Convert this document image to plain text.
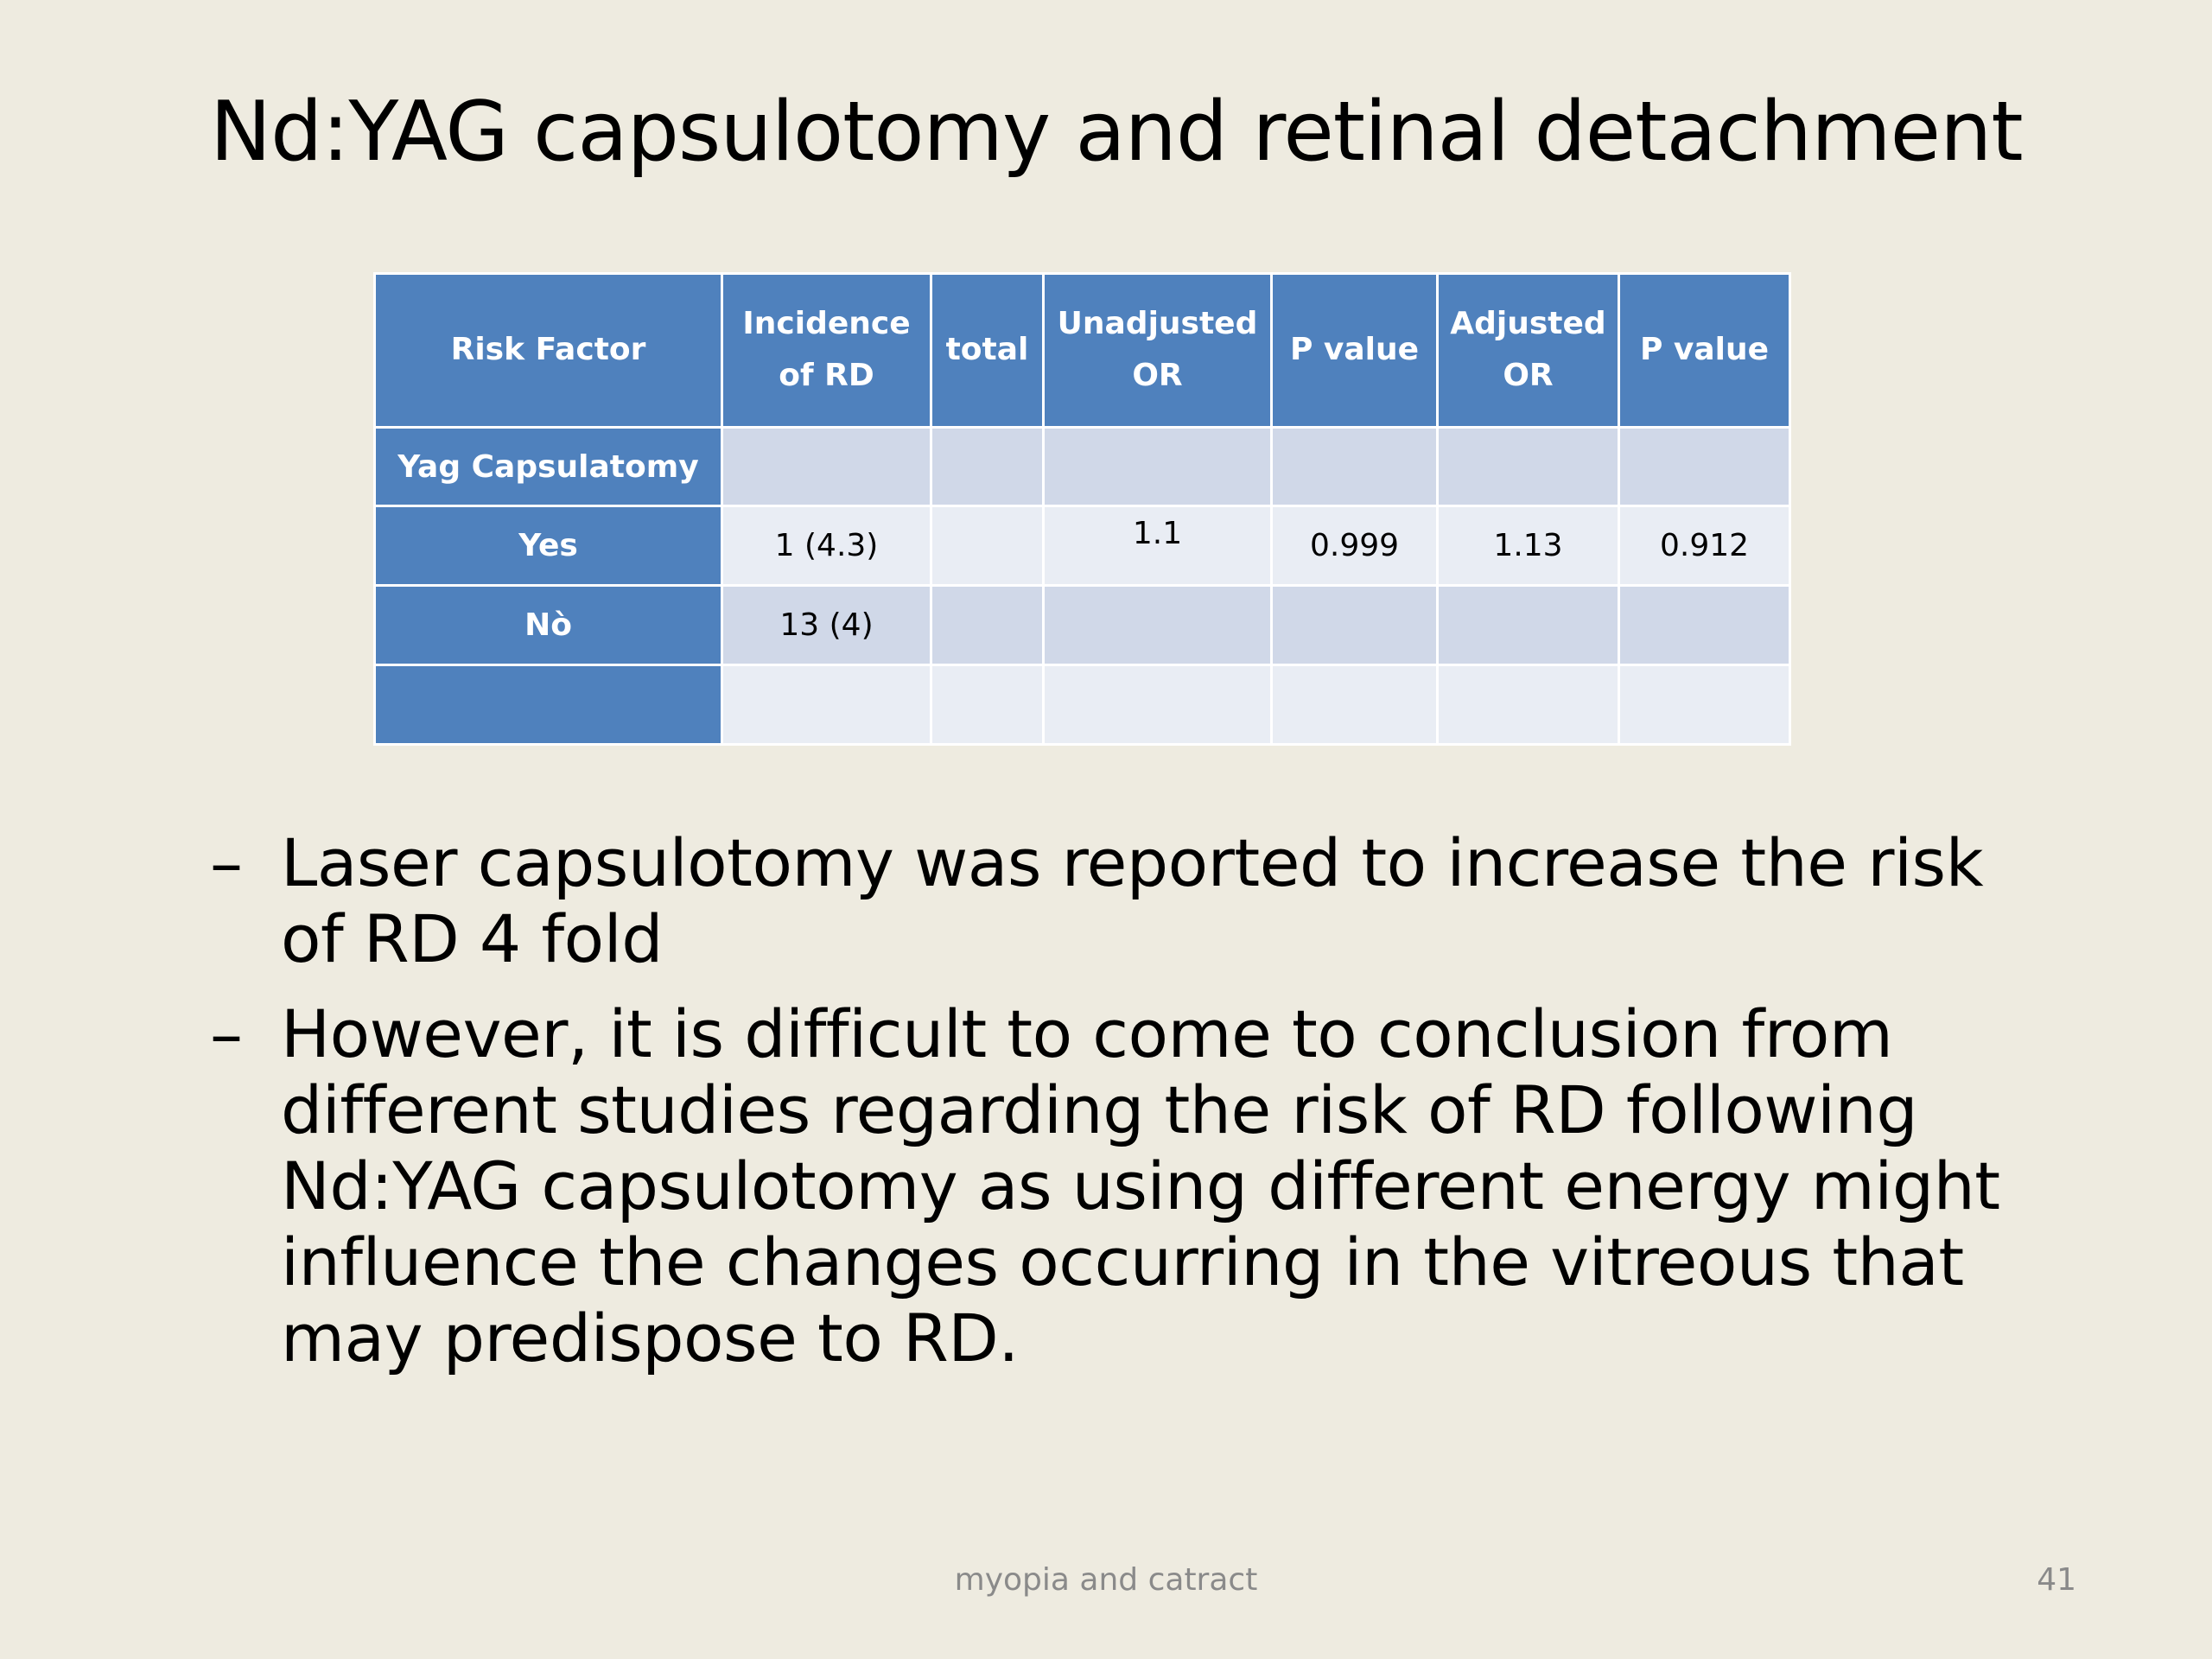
Nd:YAG capsulotomy and retinal detachment
Risk Factor	Incidence of RD	total	Unadjusted OR	P value	Adjusted OR	P value
Yag Capsulatomy						
Yes	1 (4.3)		1.1	0.999	1.13	0.912
Nò	13 (4)					

– Laser capsulotomy was reported to increase the risk of RD 4 fold
– However, it is difficult to come to conclusion from different studies regarding the risk of RD following Nd:YAG capsulotomy as using different energy might influence the changes occurring in the vitreous that may predispose to RD.
myopia and catract	41
